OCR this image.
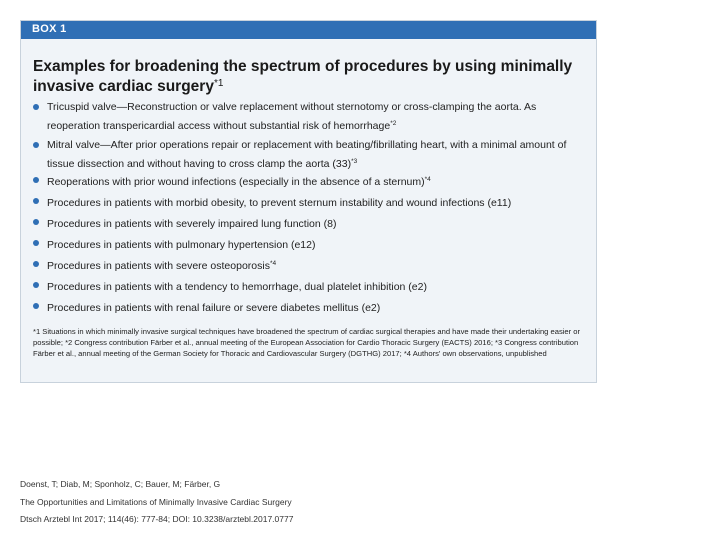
BOX 1
Examples for broadening the spectrum of procedures by using minimally invasive cardiac surgery$^{*1}$
Tricuspid valve—Reconstruction or valve replacement without sternotomy or cross-clamping the aorta. As reoperation transpericardial access without substantial risk of hemorrhage$^{*2}$
Mitral valve—After prior operations repair or replacement with beating/fibrillating heart, with a minimal amount of tissue dissection and without having to cross clamp the aorta $(33)^{*3}$
Reoperations with prior wound infections (especially in the absence of a sternum)$^{*4}$
Procedures in patients with morbid obesity, to prevent sternum instability and wound infections (e11)
Procedures in patients with severely impaired lung function (8)
Procedures in patients with pulmonary hypertension (e12)
Procedures in patients with severe osteoporosis$^{*4}$
Procedures in patients with a tendency to hemorrhage, dual platelet inhibition (e2)
Procedures in patients with renal failure or severe diabetes mellitus (e2)
*1 Situations in which minimally invasive surgical techniques have broadened the spectrum of cardiac surgical therapies and have made their undertaking easier or possible; *2 Congress contribution Färber et al., annual meeting of the European Association for Cardio Thoracic Surgery (EACTS) 2016; *3 Congress contribution Färber et al., annual meeting of the German Society for Thoracic and Cardiovascular Surgery (DGTHG) 2017; *4 Authors' own observations, unpublished
Doenst, T; Diab, M; Sponholz, C; Bauer, M; Färber, G
The Opportunities and Limitations of Minimally Invasive Cardiac Surgery
Dtsch Arztebl Int 2017; 114(46): 777-84; DOI: 10.3238/arztebl.2017.0777
